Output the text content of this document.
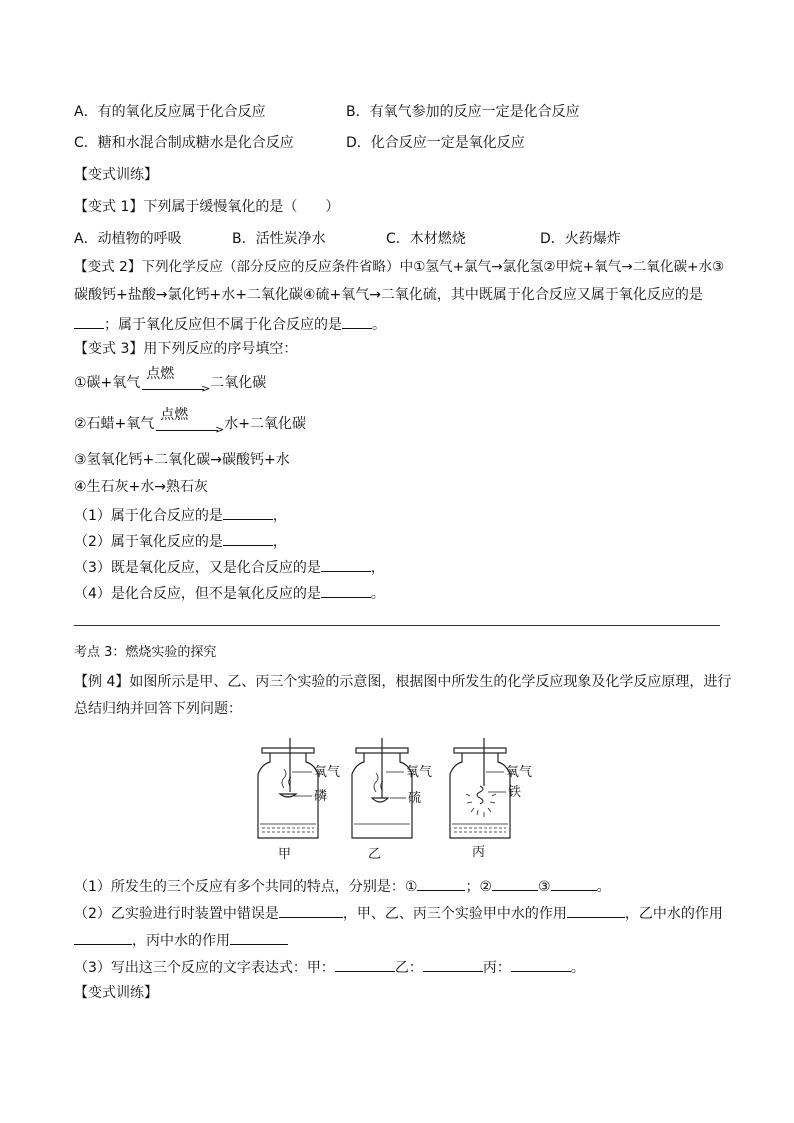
A．有的氧化反应属于化合反应	B．有氧气参加的反应一定是化合反应
C．糖和水混合制成糖水是化合反应	D．化合反应一定是氧化反应
【变式训练】
【变式 1】下列属于缓慢氧化的是（　　）
A．动植物的呼吸	B．活性炭净水	C．木材燃烧	D．火药爆炸
【变式 2】下列化学反应（部分反应的反应条件省略）中①氢气+氯气→氯化氢②甲烷+氧气→二氧化碳+水③
碳酸钙+盐酸→氯化钙+水+二氧化碳④硫+氧气→二氧化硫，其中既属于化合反应又属于氧化反应的是
；属于氧化反应但不属于化合反应的是 。
【变式 3】用下列反应的序号填空：
①碳+氧气
点燃
> 二氧化碳
②石蜡+氧气
点燃
> 水+二氧化碳
③氢氧化钙+二氧化碳→碳酸钙+水
④生石灰+水→熟石灰
（1）属于化合反应的是	，
（2）属于氧化反应的是	，
（3）既是氧化反应，又是化合反应的是	，
（4）是化合反应，但不是氧化反应的是	。
考点 3：燃烧实验的探究
【例 4】如图所示是甲、乙、丙三个实验的示意图，根据图中所发生的化学反应现象及化学反应原理，进行
总结归纳并回答下列问题：
氧气
磷
氧气
硫
氧气
铁
甲	乙	丙
（1）所发生的三个反应有多个共同的特点，分别是：①	；②	③	。
（2）乙实验进行时装置中错误是	，甲、乙、丙三个实验甲中水的作用	，乙中水的作用
，丙中水的作用
（3）写出这三个反应的文字表达式：甲：	乙：	丙：	。
【变式训练】
